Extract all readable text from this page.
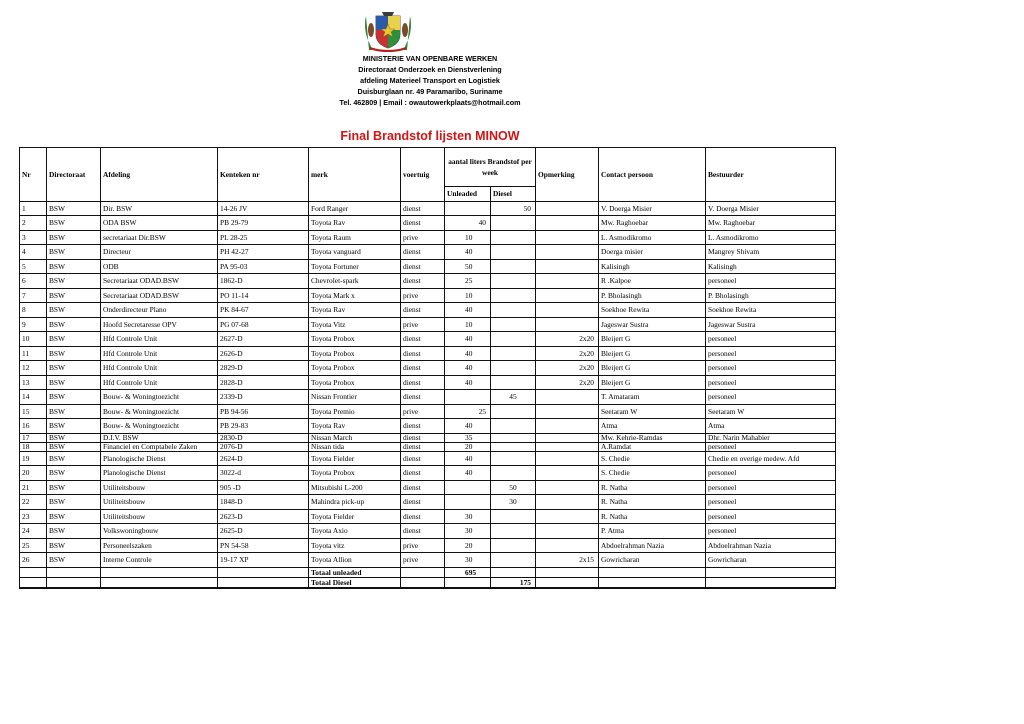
MINISTERIE VAN OPENBARE WERKEN
Directoraat Onderzoek en Dienstverlening
afdeling Materieel Transport en Logistiek
Duisburglaan nr. 49 Paramaribo, Suriname
Tel. 462809 | Email : owautowerkplaats@hotmail.com
Final Brandstof lijsten MINOW
Nr	Directoraat	Afdeling	Kenteken nr	merk	voertuig	aantal liters Brandstof per week		Opmerking	Contact persoon	Bestuurder
						Unleaded	Diesel			
1	BSW	Dir. BSW	14-26 JV	Ford Ranger	dienst		50		V. Doerga Misier	V. Doerga Misier
2	BSW	ODA BSW	PB 29-79	Toyota Rav	dienst	40			Mw. Raghoebar	Mw. Raghoebar
3	BSW	secretariaat Dir.BSW	PL 28-25	Toyota Raum	prive	10			L. Asmodikromo	L. Asmodikromo
4	BSW	Directeur	PH 42-27	Toyota vanguard	dienst	40			Doerga misier	Mangrey Shivam
5	BSW	ODB	PA 95-03	Toyota Fortuner	dienst	50			Kalisingh	Kalisingh
6	BSW	Secretariaat ODAD.BSW	1862-D	Chevrolet-spark	dienst	25			R .Kalpoe	personeel
7	BSW	Secretariaat ODAD.BSW	PO 11-14	Toyota Mark x	prive	10			P. Bholasingh	P. Bholasingh
8	BSW	Onderdirecteur Plano	PK 84-67	Toyota Rav	dienst	40			Soekhoe Rewita	Soekhoe Rewita
9	BSW	Hoofd Secretaresse OPV	PG 07-68	Toyota Vitz	prive	10			Jageswar Sustra	Jageswar Sustra
10	BSW	Hfd Controle Unit	2627-D	Toyota Probox	dienst	40		2x20	Bleijert G	personeel
11	BSW	Hfd Controle Unit	2626-D	Toyota Probox	dienst	40		2x20	Bleijert G	personeel
12	BSW	Hfd Controle Unit	2829-D	Toyota Probox	dienst	40		2x20	Bleijert G	personeel
13	BSW	Hfd Controle Unit	2828-D	Toyota Probox	dienst	40		2x20	Bleijert G	personeel
14	BSW	Bouw- & Woningtoezicht	2339-D	Nissan Frontier	dienst		45		T. Amataram	personeel
15	BSW	Bouw- & Woningtoezicht	PB 94-56	Toyota Premio	prive	25			Seetaram W	Seetaram W
16	BSW	Bouw- & Woningtoezicht	PB 29-83	Toyota Rav	dienst	40			Atma	Atma
17	BSW	D.I.V. BSW	2830-D	Nissan March	dienst	35			Mw. Kehrie-Ramdas	Dhr. Narin Mahabier
18	BSW	Financiel en Comptabele Zaken	2076-D	Nissan tida	dienst	20			A.Ramdat	personeel
19	BSW	Planologische Dienst	2624-D	Toyota Fielder	dienst	40			S. Chedie	Chedie en overige medew. Afd
20	BSW	Planologische Dienst	3022-d	Toyota Probox	dienst	40			S. Chedie	personeel
21	BSW	Utiliteitsbouw	905 -D	Mitsubishi L-200	dienst		50		R. Natha	personeel
22	BSW	Utiliteitsbouw	1848-D	Mahindra pick-up	dienst		30		R. Natha	personeel
23	BSW	Utiliteitsbouw	2623-D	Toyota Fielder	dienst	30			R. Natha	personeel
24	BSW	Volkswoningbouw	2625-D	Toyota Axio	dienst	30			P. Atma	personeel
25	BSW	Personeelszaken	PN 54-58	Toyota vitz	prive	20			Abdoelrahman Nazia	Abdoelrahman Nazia
26	BSW	Interne Controle	19-17 XP	Toyota Allion	prive	30		2x15	Gowricharan	Gowricharan
				Totaal unleaded		695				
				Totaal Diesel			175			
